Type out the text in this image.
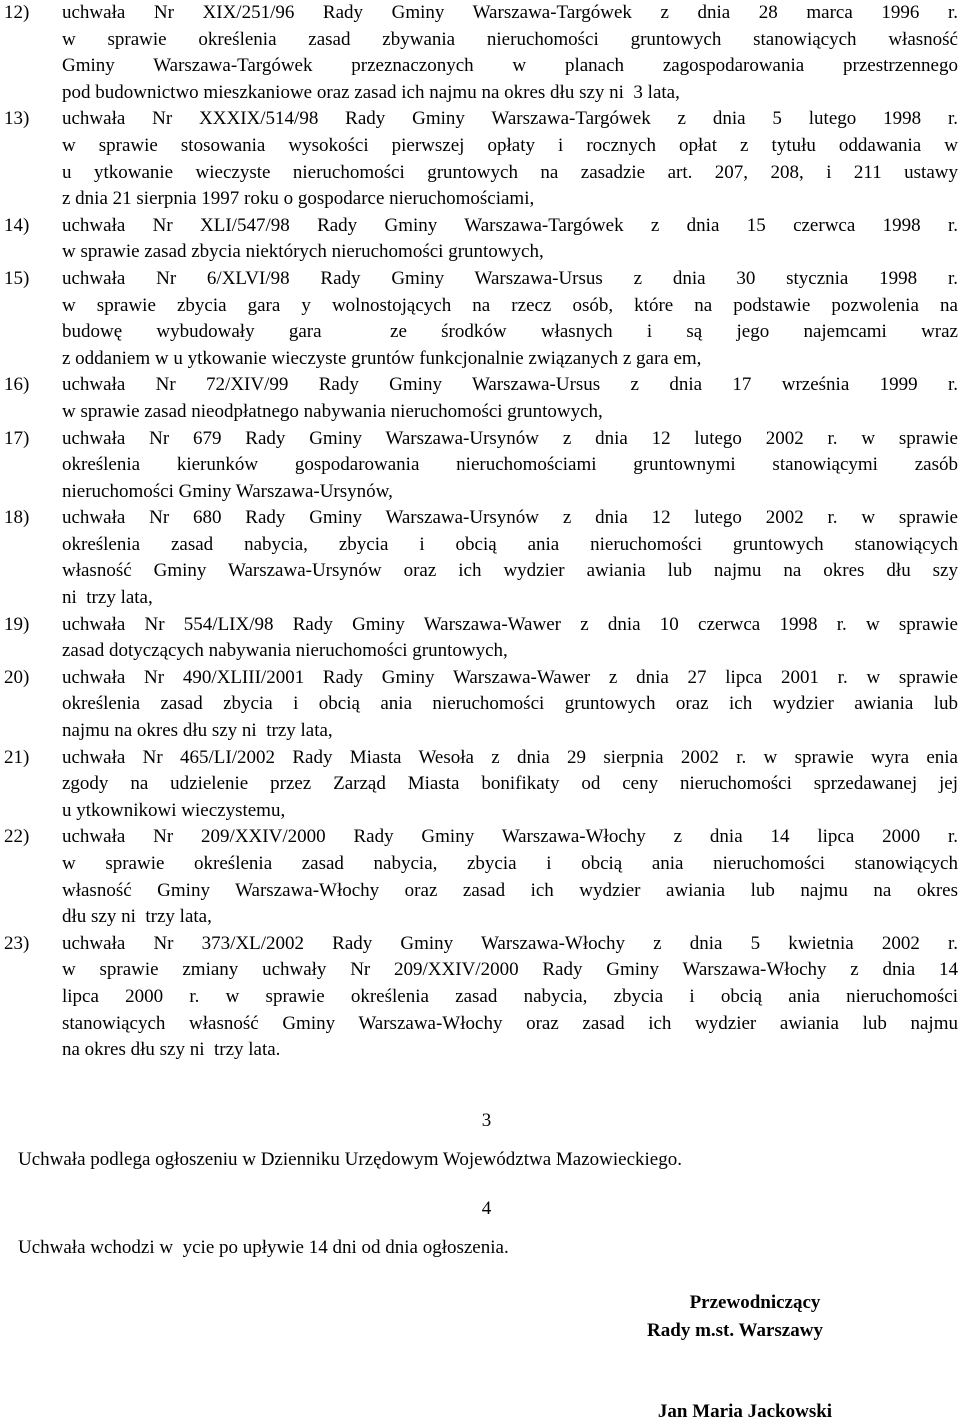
12) uchwała Nr XIX/251/96 Rady Gminy Warszawa-Targówek z dnia 28 marca 1996 r.
w sprawie określenia zasad zbywania nieruchomości gruntowych stanowiących własność
Gminy Warszawa-Targówek przeznaczonych w planach zagospodarowania przestrzennego
pod budownictwo mieszkaniowe oraz zasad ich najmu na okres dłu szy ni  3 lata,
13) uchwała Nr XXXIX/514/98 Rady Gminy Warszawa-Targówek z dnia 5 lutego 1998 r.
w sprawie stosowania wysokości pierwszej opłaty i rocznych opłat z tytułu oddawania w
u ytkowanie wieczyste nieruchomości gruntowych na zasadzie art. 207, 208, i 211 ustawy
z dnia 21 sierpnia 1997 roku o gospodarce nieruchomościami,
14) uchwała Nr XLI/547/98 Rady Gminy Warszawa-Targówek z dnia 15 czerwca 1998 r.
w sprawie zasad zbycia niektórych nieruchomości gruntowych,
15) uchwała Nr 6/XLVI/98 Rady Gminy Warszawa-Ursus z dnia 30 stycznia 1998 r.
w sprawie zbycia gara y wolnostojących na rzecz osób, które na podstawie pozwolenia na
budowę wybudowały gara  ze środków własnych i są jego najemcami wraz
z oddaniem w u ytkowanie wieczyste gruntów funkcjonalnie związanych z gara em,
16) uchwała Nr 72/XIV/99 Rady Gminy Warszawa-Ursus z dnia 17 września 1999 r.
w sprawie zasad nieodpłatnego nabywania nieruchomości gruntowych,
17) uchwała Nr 679 Rady Gminy Warszawa-Ursynów z dnia 12 lutego 2002 r. w sprawie
określenia kierunków gospodarowania nieruchomościami gruntownymi stanowiącymi zasób
nieruchomości Gminy Warszawa-Ursynów,
18) uchwała Nr 680 Rady Gminy Warszawa-Ursynów z dnia 12 lutego 2002 r. w sprawie
określenia zasad nabycia, zbycia i obcią ania nieruchomości gruntowych stanowiących
własność Gminy Warszawa-Ursynów oraz ich wydzier awiania lub najmu na okres dłu szy
ni  trzy lata,
19) uchwała Nr 554/LIX/98 Rady Gminy Warszawa-Wawer z dnia 10 czerwca 1998 r. w sprawie
zasad dotyczących nabywania nieruchomości gruntowych,
20) uchwała Nr 490/XLIII/2001 Rady Gminy Warszawa-Wawer z dnia 27 lipca 2001 r. w sprawie
określenia zasad zbycia i obcią ania nieruchomości gruntowych oraz ich wydzier awiania lub
najmu na okres dłu szy ni  trzy lata,
21) uchwała Nr 465/LI/2002 Rady Miasta Wesoła z dnia 29 sierpnia 2002 r. w sprawie wyra enia
zgody na udzielenie przez Zarząd Miasta bonifikaty od ceny nieruchomości sprzedawanej jej
u ytkownikowi wieczystemu,
22) uchwała Nr 209/XXIV/2000 Rady Gminy Warszawa-Włochy z dnia 14 lipca 2000 r.
w sprawie określenia zasad nabycia, zbycia i obcią ania nieruchomości stanowiących
własność Gminy Warszawa-Włochy oraz zasad ich wydzier awiania lub najmu na okres
dłu szy ni  trzy lata,
23) uchwała Nr 373/XL/2002 Rady Gminy Warszawa-Włochy z dnia 5 kwietnia 2002 r.
w sprawie zmiany uchwały Nr 209/XXIV/2000 Rady Gminy Warszawa-Włochy z dnia 14
lipca 2000 r. w sprawie określenia zasad nabycia, zbycia i obcią ania nieruchomości
stanowiących własność Gminy Warszawa-Włochy oraz zasad ich wydzier awiania lub najmu
na okres dłu szy ni  trzy lata.
3
Uchwała podlega ogłoszeniu w Dzienniku Urzędowym Województwa Mazowieckiego.
4
Uchwała wchodzi w  ycie po upływie 14 dni od dnia ogłoszenia.
Przewodniczący
Rady m.st. Warszawy
Jan Maria Jackowski
